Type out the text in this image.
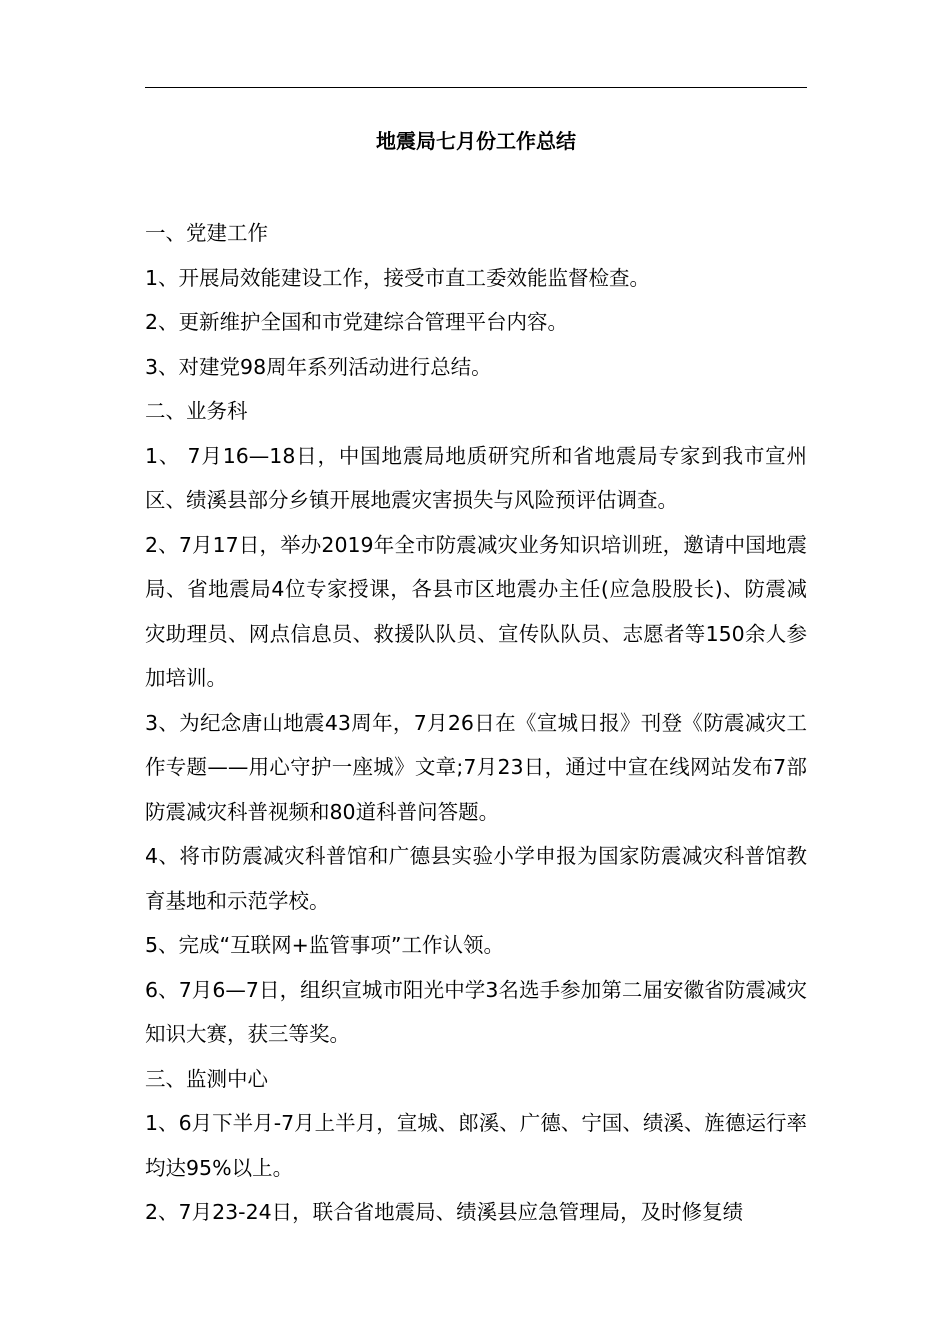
地震局七月份工作总结

一、党建工作

1、开展局效能建设工作，接受市直工委效能监督检查。

2、更新维护全国和市党建综合管理平台内容。

3、对建党98周年系列活动进行总结。

二、业务科

1、 7月16—18日，中国地震局地质研究所和省地震局专家到我市宣州区、绩溪县部分乡镇开展地震灾害损失与风险预评估调查。

2、7月17日，举办2019年全市防震减灾业务知识培训班，邀请中国地震局、省地震局4位专家授课，各县市区地震办主任(应急股股长)、防震减灾助理员、网点信息员、救援队队员、宣传队队员、志愿者等150余人参加培训。

3、为纪念唐山地震43周年，7月26日在《宣城日报》刊登《防震减灾工作专题——用心守护一座城》文章;7月23日，通过中宣在线网站发布7部防震减灾科普视频和80道科普问答题。

4、将市防震减灾科普馆和广德县实验小学申报为国家防震减灾科普馆教育基地和示范学校。

5、完成“互联网+监管事项”工作认领。

6、7月6—7日，组织宣城市阳光中学3名选手参加第二届安徽省防震减灾知识大赛，获三等奖。

三、监测中心

1、6月下半月-7月上半月，宣城、郎溪、广德、宁国、绩溪、旌德运行率均达95%以上。

2、7月23-24日，联合省地震局、绩溪县应急管理局，及时修复绩
